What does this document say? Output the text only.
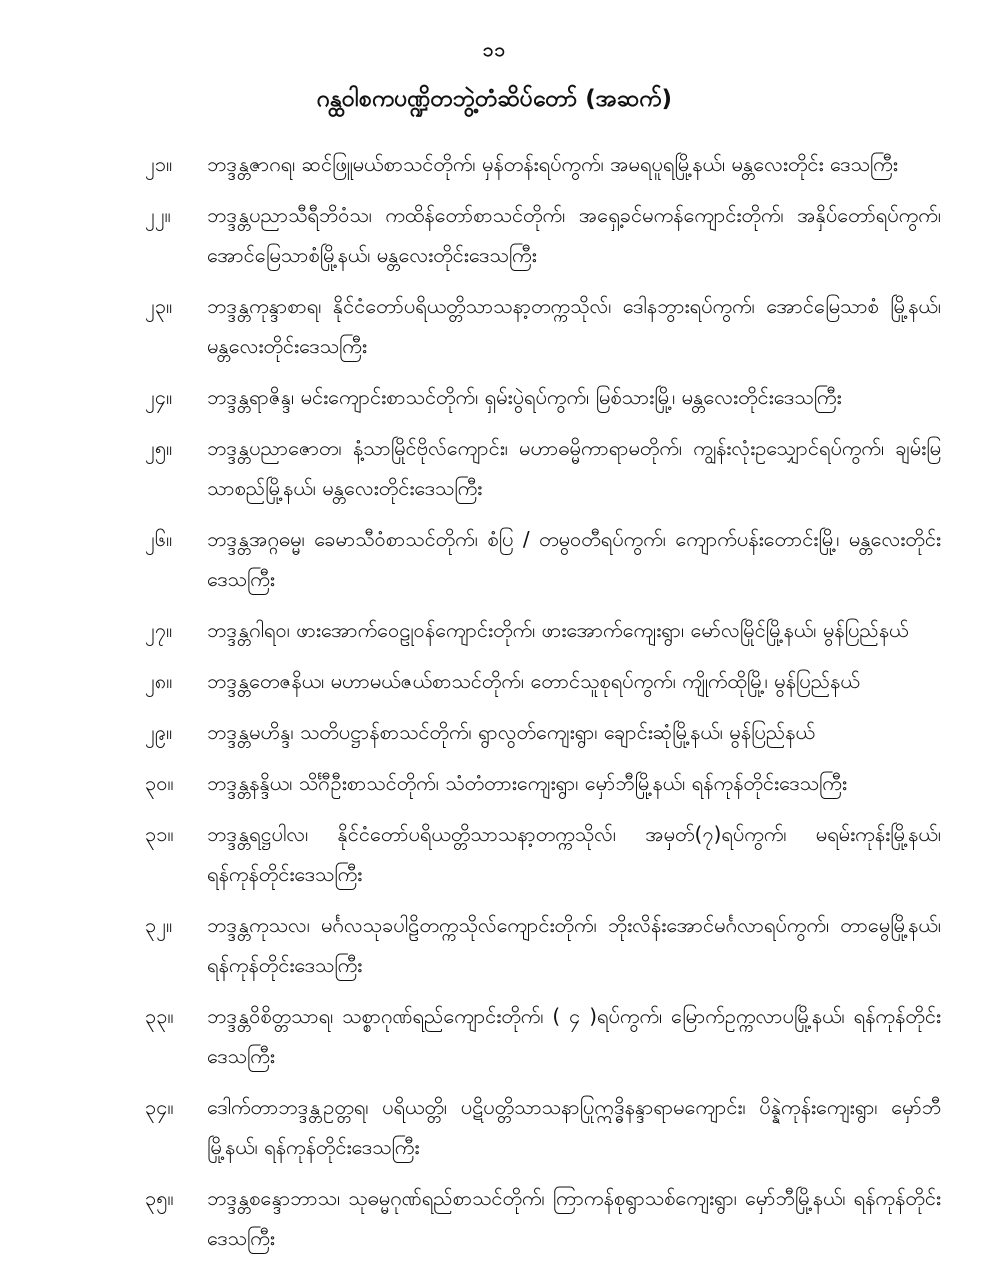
၁၁
ဂန္ထဝါစကပဏ္ဍိတဘွဲ့တံဆိပ်တော် (အဆက်)
၂၁။	ဘဒ္ဒန္တဇာဂရ၊ ဆင်ဖြူမယ်စာသင်တိုက်၊ မှန်တန်းရပ်ကွက်၊ အမရပူရမြို့နယ်၊ မန္တလေးတိုင်း ဒေသကြီး
၂၂။	ဘဒ္ဒန္တပညာသီရီဘိဝံသ၊ ကထိန်တော်စာသင်တိုက်၊ အရှေ့ခင်မကန်ကျောင်းတိုက်၊ အနှိပ်တော်ရပ်ကွက်၊ အောင်မြေသာစံမြို့နယ်၊ မန္တလေးတိုင်းဒေသကြီး
၂၃။	ဘဒ္ဒန္တကုန္ဒာစာရ၊ နိုင်ငံတော်ပရိယတ္တိသာသနာ့တက္ကသိုလ်၊ ဒေါနဘွားရပ်ကွက်၊ အောင်မြေသာစံ မြို့နယ်၊ မန္တလေးတိုင်းဒေသကြီး
၂၄။	ဘဒ္ဒန္တရာဇိန္ဒ၊ မင်းကျောင်းစာသင်တိုက်၊ ရှမ်းပွဲရပ်ကွက်၊ မြစ်သားမြို့၊ မန္တလေးတိုင်းဒေသကြီး
၂၅။	ဘဒ္ဒန္တပညာဇောတ၊ နံ့သာမြိုင်ဗိုလ်ကျောင်း၊ မဟာဓမ္မိကာရာမတိုက်၊ ကျွန်းလုံးဥသျှောင်ရပ်ကွက်၊ ချမ်းမြသာစည်မြို့နယ်၊ မန္တလေးတိုင်းဒေသကြီး
၂၆။	ဘဒ္ဒန္တအဂ္ဂဓမ္မ၊ ခေမာသီဝံစာသင်တိုက်၊ စံပြ / တမွဝတီရပ်ကွက်၊ ကျောက်ပန်းတောင်းမြို့၊ မန္တလေးတိုင်းဒေသကြီး
၂၇။	ဘဒ္ဒန္တဂါရဝ၊ ဖားအောက်ဝေဠုဝန်ကျောင်းတိုက်၊ ဖားအောက်ကျေးရွာ၊ မော်လမြိုင်မြို့နယ်၊ မွန်ပြည်နယ်
၂၈။	ဘဒ္ဒန္တတေဇနိယ၊ မဟာမယ်ဇယ်စာသင်တိုက်၊ တောင်သူစုရပ်ကွက်၊ ကျိုက်ထိုမြို့၊ မွန်ပြည်နယ်
၂၉။	ဘဒ္ဒန္တမဟိန္ဒ၊ သတိပဋ္ဌာန်စာသင်တိုက်၊ ရွာလွတ်ကျေးရွာ၊ ချောင်းဆုံမြို့နယ်၊ မွန်ပြည်နယ်
၃၀။	ဘဒ္ဒန္တနန္ဒိယ၊ သိင်္ဂီဦးစာသင်တိုက်၊ သံတံတားကျေးရွာ၊ မှော်ဘီမြို့နယ်၊ ရန်ကုန်တိုင်းဒေသကြီး
၃၁။	ဘဒ္ဒန္တရဋ္ဌပါလ၊ နိုင်ငံတော်ပရိယတ္တိသာသနာ့တက္ကသိုလ်၊ အမှတ်(၇)ရပ်ကွက်၊ မရမ်းကုန်းမြို့နယ်၊ ရန်ကုန်တိုင်းဒေသကြီး
၃၂။	ဘဒ္ဒန္တကုသလ၊ မင်္ဂလသုခပါဠိတက္ကသိုလ်ကျောင်းတိုက်၊ ဘိုးလိန်းအောင်မင်္ဂလာရပ်ကွက်၊ တာမွေမြို့နယ်၊ ရန်ကုန်တိုင်းဒေသကြီး
၃၃။	ဘဒ္ဒန္တဝိစိတ္တသာရ၊ သစ္စာဂုဏ်ရည်ကျောင်းတိုက်၊ ( ၄ )ရပ်ကွက်၊ မြောက်ဥက္ကလာပမြို့နယ်၊ ရန်ကုန်တိုင်းဒေသကြီး
၃၄။	ဒေါက်တာဘဒ္ဒန္တဥတ္တရ၊ ပရိယတ္တိ၊ ပဋိပတ္တိသာသနာပြုဣဒ္ဓိနန္ဒာရာမကျောင်း၊ ပိန္နဲကုန်းကျေးရွာ၊ မှော်ဘီမြို့နယ်၊ ရန်ကုန်တိုင်းဒေသကြီး
၃၅။	ဘဒ္ဒန္တစန္ဒောဘာသ၊ သုဓမ္မဂုဏ်ရည်စာသင်တိုက်၊ ကြာကန်စုရွာသစ်ကျေးရွာ၊ မှော်ဘီမြို့နယ်၊ ရန်ကုန်တိုင်းဒေသကြီး
